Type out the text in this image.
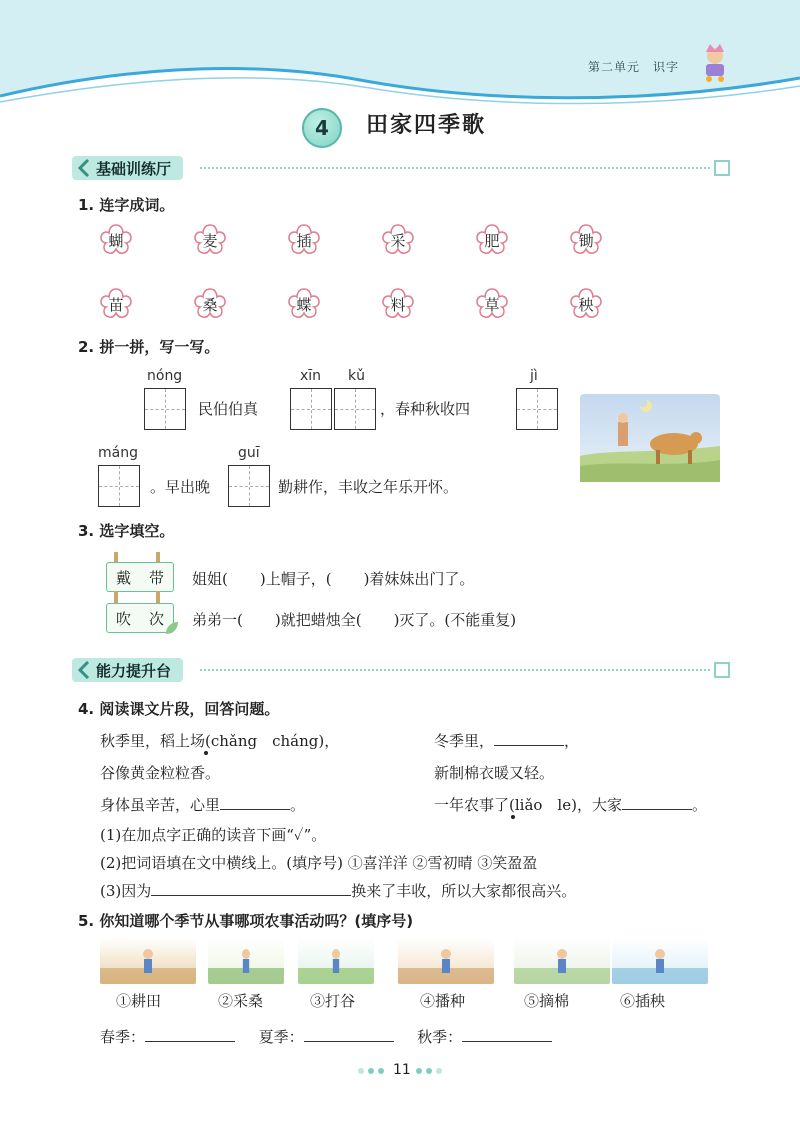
第二单元　识字
4	田家四季歌
基础训练厅
1. 连字成词。
蝴	麦	插	采	肥	锄
苗	桑	蝶	料	草	秧
2. 拼一拼，写一写。
nóng
民伯伯真
xīn kǔ
，春种秋收四
jì
máng
。早出晚
guī
勤耕作，丰收之年乐开怀。
3. 选字填空。
戴 带
吹 次
姐姐( )上帽子，( )着妹妹出门了。
弟弟一( )就把蜡烛全( )灭了。(不能重复)
能力提升台
4. 阅读课文片段，回答问题。
秋季里，稻上场(chǎng　cháng)，	冬季里，	，
谷像黄金粒粒香。	新制棉衣暖又轻。
身体虽辛苦，心里	。	一年农事了(liǎo　le)，大家	。
(1)在加点字正确的读音下画“✓”。
(2)把词语填在文中横线上。(填序号) ①喜洋洋 ②雪初晴 ③笑盈盈
(3)因为	换来了丰收，所以大家都很高兴。
5. 你知道哪个季节从事哪项农事活动吗？(填序号)
①耕田	②采桑	③打谷	④播种	⑤摘棉	⑥插秧
春季：	夏季：	秋季：
11
